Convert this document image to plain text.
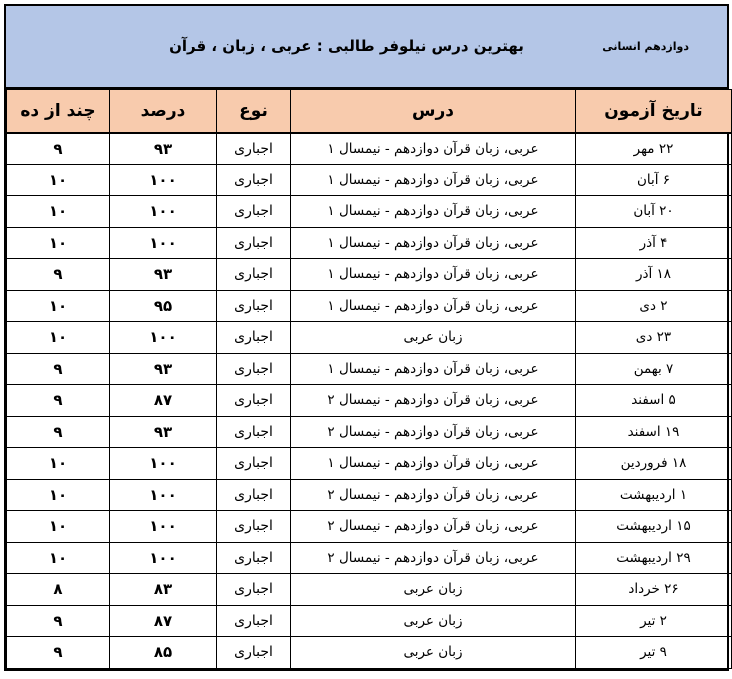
دوازدهم انسانی
بهترین درس نیلوفر طالبی : عربی ، زبان ، قرآن
تاریخ آزمون	درس	نوع	درصد	چند از ده
۲۲ مهر	عربی، زبان قرآن دوازدهم - نیمسال ۱	اجباری	۹۳	۹
۶ آبان	عربی، زبان قرآن دوازدهم - نیمسال ۱	اجباری	۱۰۰	۱۰
۲۰ آبان	عربی، زبان قرآن دوازدهم - نیمسال ۱	اجباری	۱۰۰	۱۰
۴ آذر	عربی، زبان قرآن دوازدهم - نیمسال ۱	اجباری	۱۰۰	۱۰
۱۸ آذر	عربی، زبان قرآن دوازدهم - نیمسال ۱	اجباری	۹۳	۹
۲ دی	عربی، زبان قرآن دوازدهم - نیمسال ۱	اجباری	۹۵	۱۰
۲۳ دی	زبان عربی	اجباری	۱۰۰	۱۰
۷ بهمن	عربی، زبان قرآن دوازدهم - نیمسال ۱	اجباری	۹۳	۹
۵ اسفند	عربی، زبان قرآن دوازدهم - نیمسال ۲	اجباری	۸۷	۹
۱۹ اسفند	عربی، زبان قرآن دوازدهم - نیمسال ۲	اجباری	۹۳	۹
۱۸ فروردین	عربی، زبان قرآن دوازدهم - نیمسال ۱	اجباری	۱۰۰	۱۰
۱ اردیبهشت	عربی، زبان قرآن دوازدهم - نیمسال ۲	اجباری	۱۰۰	۱۰
۱۵ اردیبهشت	عربی، زبان قرآن دوازدهم - نیمسال ۲	اجباری	۱۰۰	۱۰
۲۹ اردیبهشت	عربی، زبان قرآن دوازدهم - نیمسال ۲	اجباری	۱۰۰	۱۰
۲۶ خرداد	زبان عربی	اجباری	۸۳	۸
۲ تیر	زبان عربی	اجباری	۸۷	۹
۹ تیر	زبان عربی	اجباری	۸۵	۹
